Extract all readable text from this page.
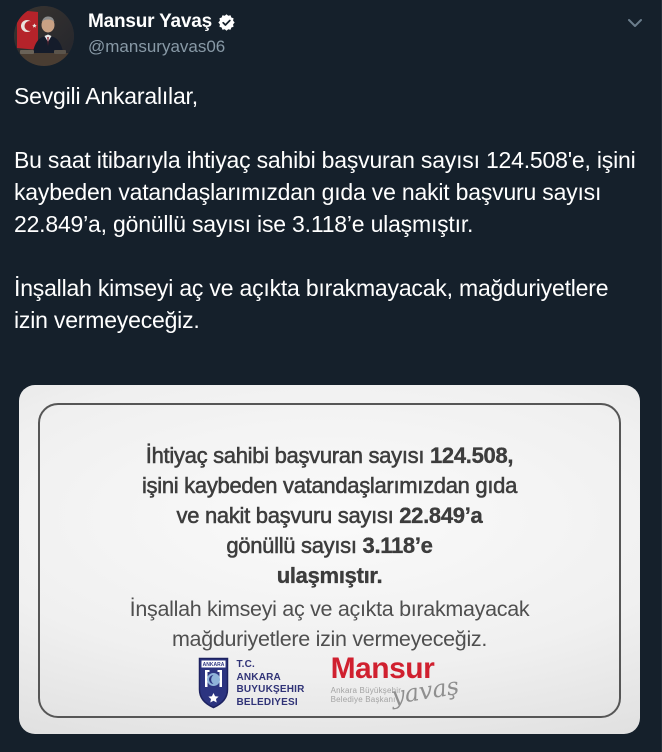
Mansur Yavaş
@mansuryavas06

Sevgili Ankaralılar,

Bu saat itibarıyla ihtiyaç sahibi başvuran sayısı 124.508'e, işini kaybeden vatandaşlarımızdan gıda ve nakit başvuru sayısı 22.849’a, gönüllü sayısı ise 3.118’e ulaşmıştır.

İnşallah kimseyi aç ve açıkta bırakmayacak, mağduriyetlere izin vermeyeceğiz.

İhtiyaç sahibi başvuran sayısı 124.508,
işini kaybeden vatandaşlarımızdan gıda
ve nakit başvuru sayısı 22.849’a
gönüllü sayısı 3.118’e
ulaşmıştır.
İnşallah kimseyi aç ve açıkta bırakmayacak
mağduriyetlere izin vermeyeceğiz.
ANKARA T.C.
ANKARA
BUYUKŞEHIR
BELEDIYESI
Mansur
Ankara Büyükşehir
Belediye Başkanı
yavaş
